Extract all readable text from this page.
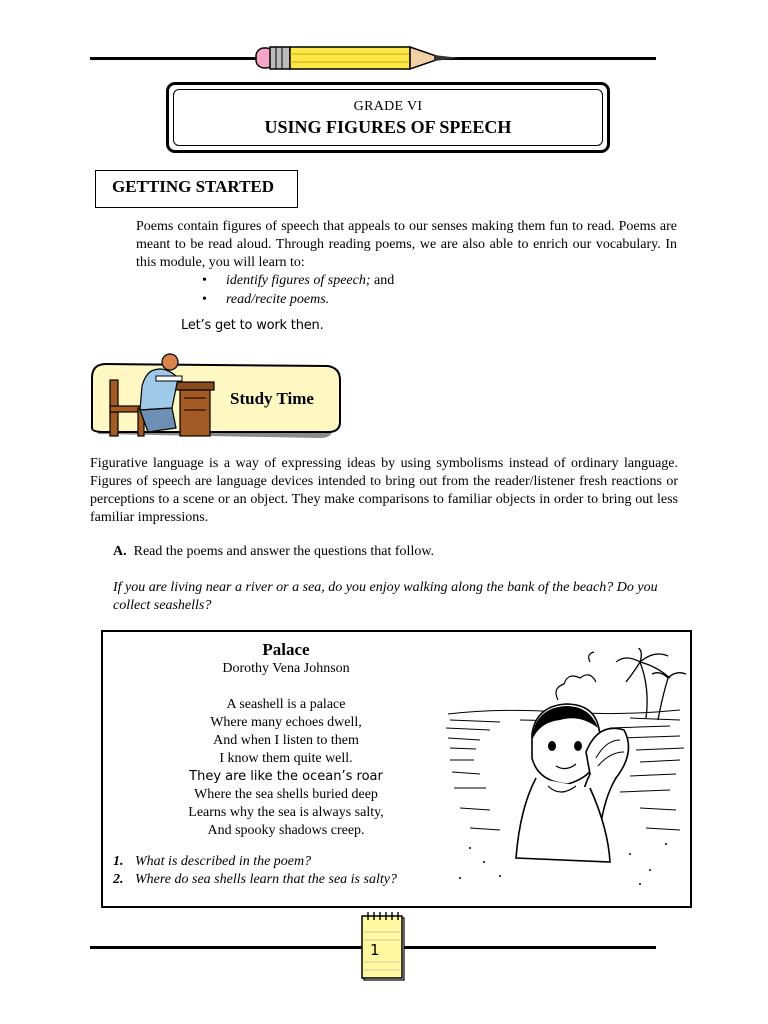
GRADE VI
USING FIGURES OF SPEECH
GETTING STARTED

Poems contain figures of speech that appeals to our senses making them fun to read. Poems are meant to be read aloud. Through reading poems, we are also able to enrich our vocabulary. In this module, you will learn to:

• identify figures of speech; and
• read/recite poems.
Let’s get to work then.
Study Time

Figurative language is a way of expressing ideas by using symbolisms instead of ordinary language. Figures of speech are language devices intended to bring out from the reader/listener fresh reactions or perceptions to a scene or an object. They make comparisons to familiar objects in order to bring out less familiar impressions.

A. Read the poems and answer the questions that follow.

If you are living near a river or a sea, do you enjoy walking along the bank of the beach? Do you collect seashells?

Palace
Dorothy Vena Johnson
A seashell is a palace
Where many echoes dwell,
And when I listen to them
I know them quite well.
They are like the ocean’s roar
Where the sea shells buried deep
Learns why the sea is always salty,
And spooky shadows creep.
1. What is described in the poem?
2. Where do sea shells learn that the sea is salty?
1
